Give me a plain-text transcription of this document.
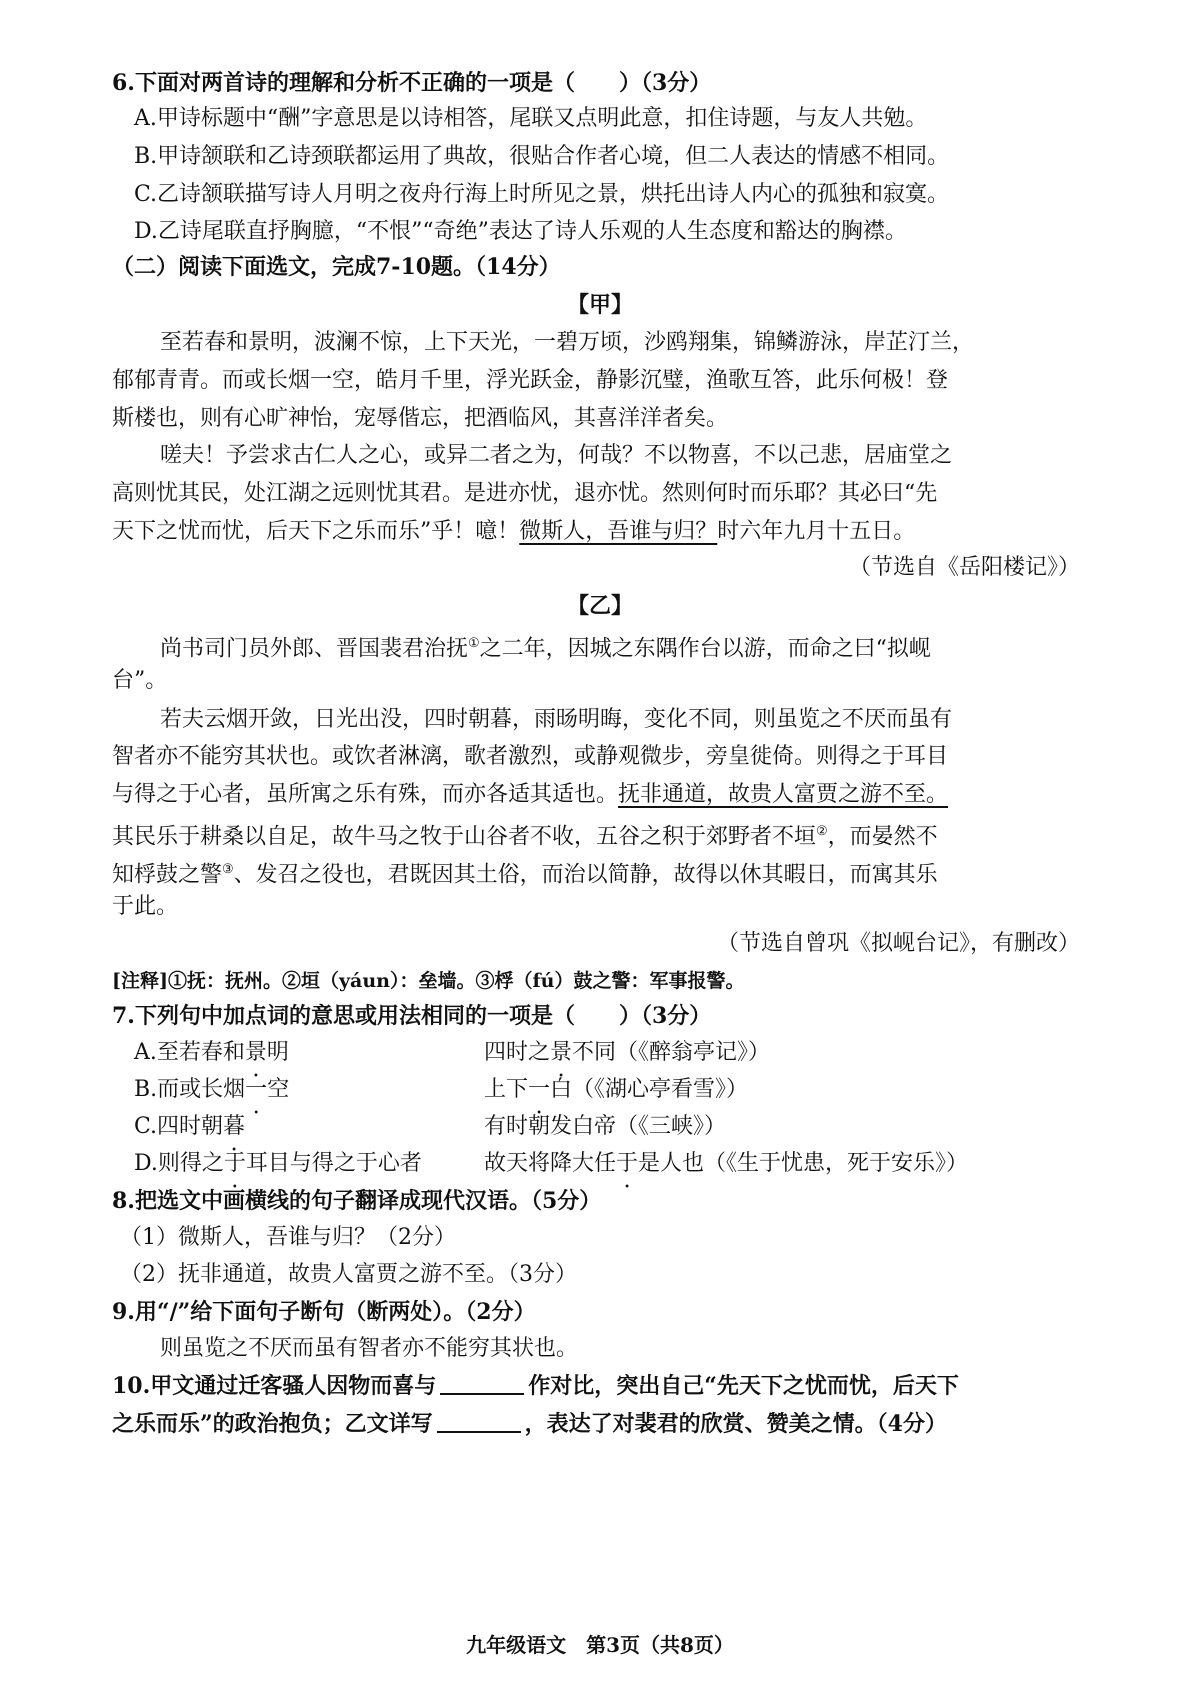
6.下面对两首诗的理解和分析不正确的一项是（　　）（3分）
A.甲诗标题中“酬”字意思是以诗相答，尾联又点明此意，扣住诗题，与友人共勉。
B.甲诗颔联和乙诗颈联都运用了典故，很贴合作者心境，但二人表达的情感不相同。
C.乙诗颔联描写诗人月明之夜舟行海上时所见之景，烘托出诗人内心的孤独和寂寞。
D.乙诗尾联直抒胸臆，“不恨”“奇绝”表达了诗人乐观的人生态度和豁达的胸襟。
（二）阅读下面选文，完成7-10题。（14分）
【甲】
至若春和景明，波澜不惊，上下天光，一碧万顷，沙鸥翔集，锦鳞游泳，岸芷汀兰，
郁郁青青。而或长烟一空，皓月千里，浮光跃金，静影沉璧，渔歌互答，此乐何极！登
斯楼也，则有心旷神怡，宠辱偕忘，把酒临风，其喜洋洋者矣。
嗟夫！予尝求古仁人之心，或异二者之为，何哉？不以物喜，不以己悲，居庙堂之
高则忧其民，处江湖之远则忧其君。是进亦忧，退亦忧。然则何时而乐耶？其必曰“先
天下之忧而忧，后天下之乐而乐”乎！噫！微斯人，吾谁与归？时六年九月十五日。
（节选自《岳阳楼记》）
【乙】
尚书司门员外郎、晋国裴君治抚①之二年，因城之东隅作台以游，而命之曰“拟岘
台”。
若夫云烟开敛，日光出没，四时朝暮，雨旸明晦，变化不同，则虽览之不厌而虽有
智者亦不能穷其状也。或饮者淋漓，歌者激烈，或静观微步，旁皇徙倚。则得之于耳目
与得之于心者，虽所寓之乐有殊，而亦各适其适也。抚非通道，故贵人富贾之游不至。
其民乐于耕桑以自足，故牛马之牧于山谷者不收，五谷之积于郊野者不垣②，而晏然不
知桴鼓之警③、发召之役也，君既因其土俗，而治以简静，故得以休其暇日，而寓其乐
于此。
（节选自曾巩《拟岘台记》，有删改）
[注释]①抚：抚州。②垣（yáun）：垒墙。③桴（fú）鼓之警：军事报警。
7.下列句中加点词的意思或用法相同的一项是（　　）（3分）
A.至若春和景明	四时之景不同（《醉翁亭记》）
B.而或长烟一空	上下一白（《湖心亭看雪》）
C.四时朝暮	有时朝发白帝（《三峡》）
D.则得之于耳目与得之于心者	故天将降大任于是人也（《生于忧患，死于安乐》）
8.把选文中画横线的句子翻译成现代汉语。（5分）
（1）微斯人，吾谁与归？（2分）
（2）抚非通道，故贵人富贾之游不至。（3分）
9.用“/”给下面句子断句（断两处）。（2分）
则虽览之不厌而虽有智者亦不能穷其状也。
10.甲文通过迁客骚人因物而喜与	作对比，突出自己“先天下之忧而忧，后天下
之乐而乐”的政治抱负；乙文详写	，表达了对裴君的欣赏、赞美之情。（4分）
九年级语文　第3页（共8页）
